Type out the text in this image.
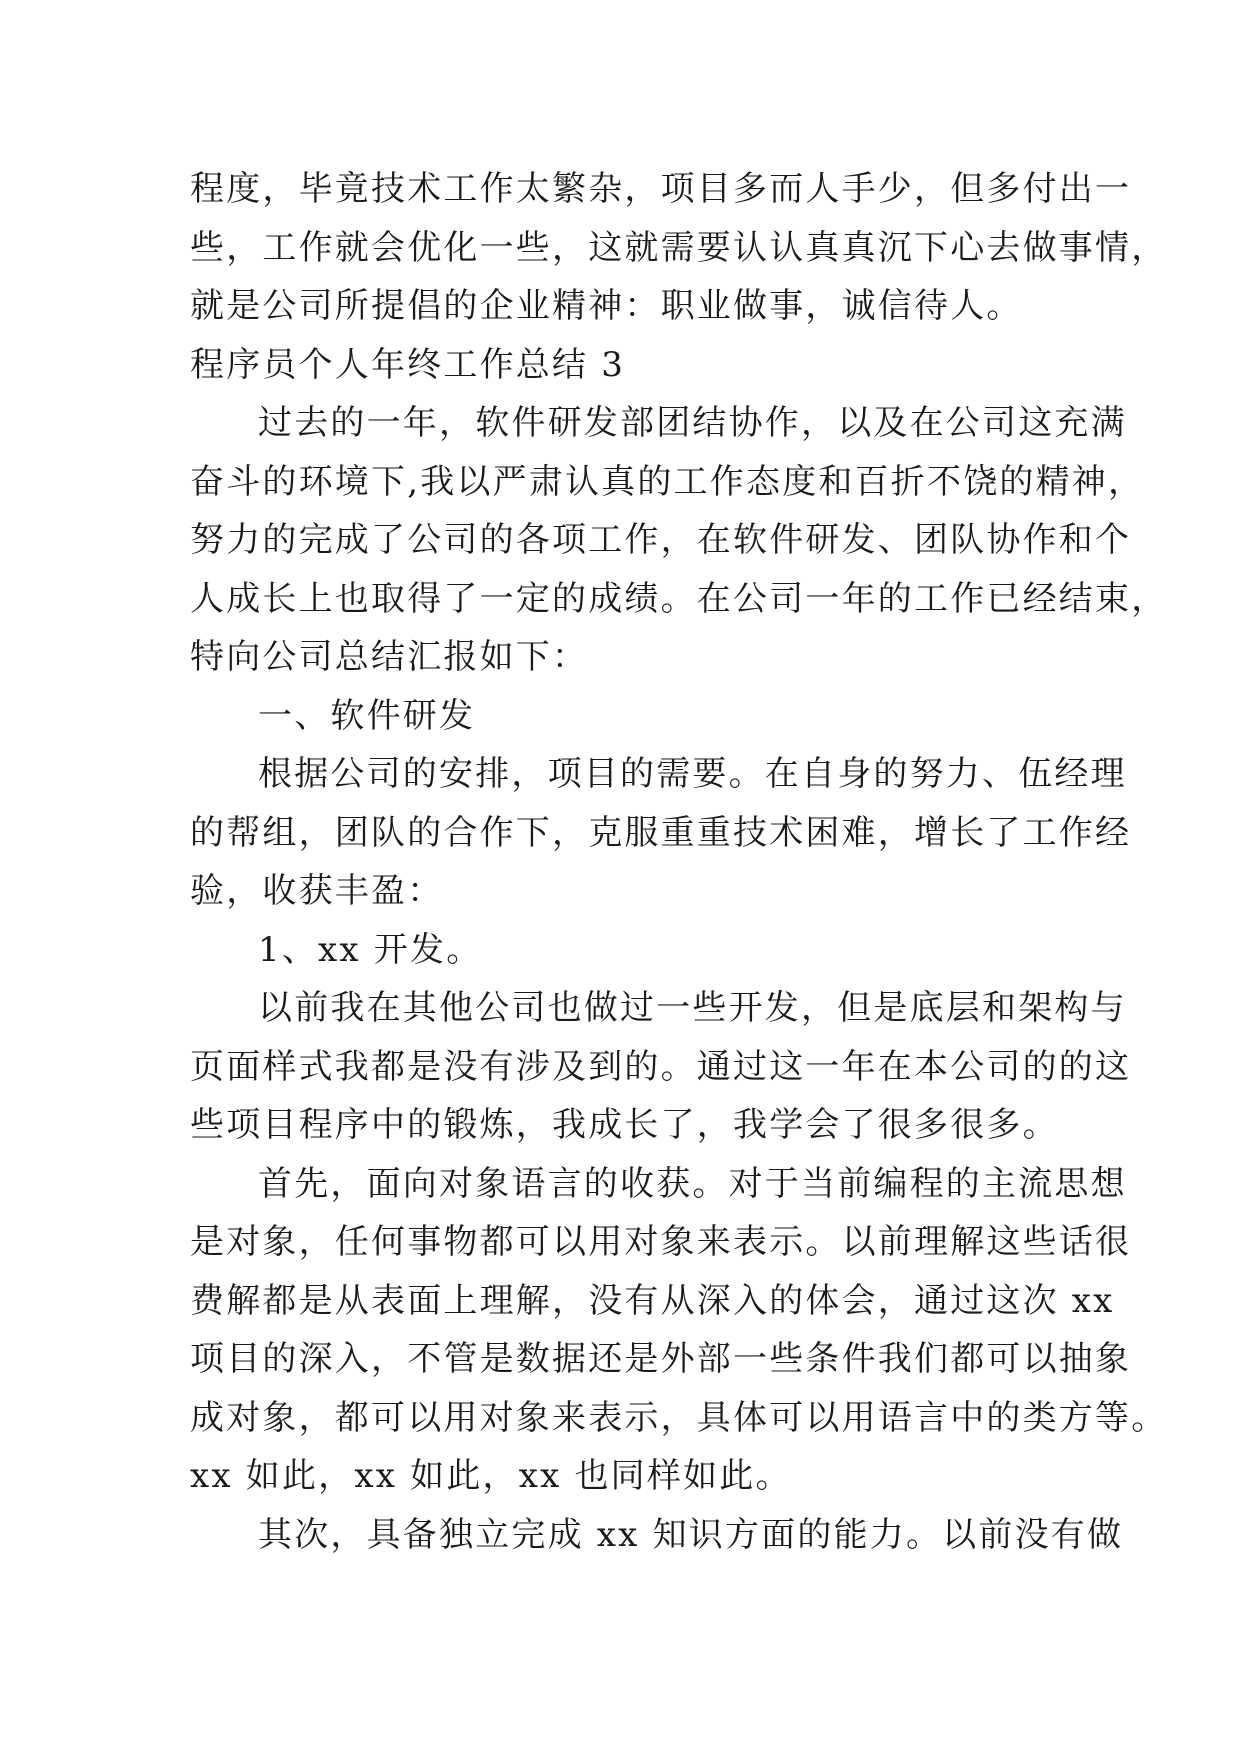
程度，毕竟技术工作太繁杂，项目多而人手少，但多付出一

些，工作就会优化一些，这就需要认认真真沉下心去做事情，

就是公司所提倡的企业精神：职业做事，诚信待人。

程序员个人年终工作总结 3

过去的一年，软件研发部团结协作，以及在公司这充满

奋斗的环境下,我以严肃认真的工作态度和百折不饶的精神，

努力的完成了公司的各项工作，在软件研发、团队协作和个

人成长上也取得了一定的成绩。在公司一年的工作已经结束，

特向公司总结汇报如下：

一、软件研发

根据公司的安排，项目的需要。在自身的努力、伍经理

的帮组，团队的合作下，克服重重技术困难，增长了工作经

验，收获丰盈：

1、xx 开发。

以前我在其他公司也做过一些开发，但是底层和架构与

页面样式我都是没有涉及到的。通过这一年在本公司的的这

些项目程序中的锻炼，我成长了，我学会了很多很多。

首先，面向对象语言的收获。对于当前编程的主流思想

是对象，任何事物都可以用对象来表示。以前理解这些话很

费解都是从表面上理解，没有从深入的体会，通过这次 xx

项目的深入，不管是数据还是外部一些条件我们都可以抽象

成对象，都可以用对象来表示，具体可以用语言中的类方等。

xx 如此，xx 如此，xx 也同样如此。

其次，具备独立完成 xx 知识方面的能力。以前没有做
